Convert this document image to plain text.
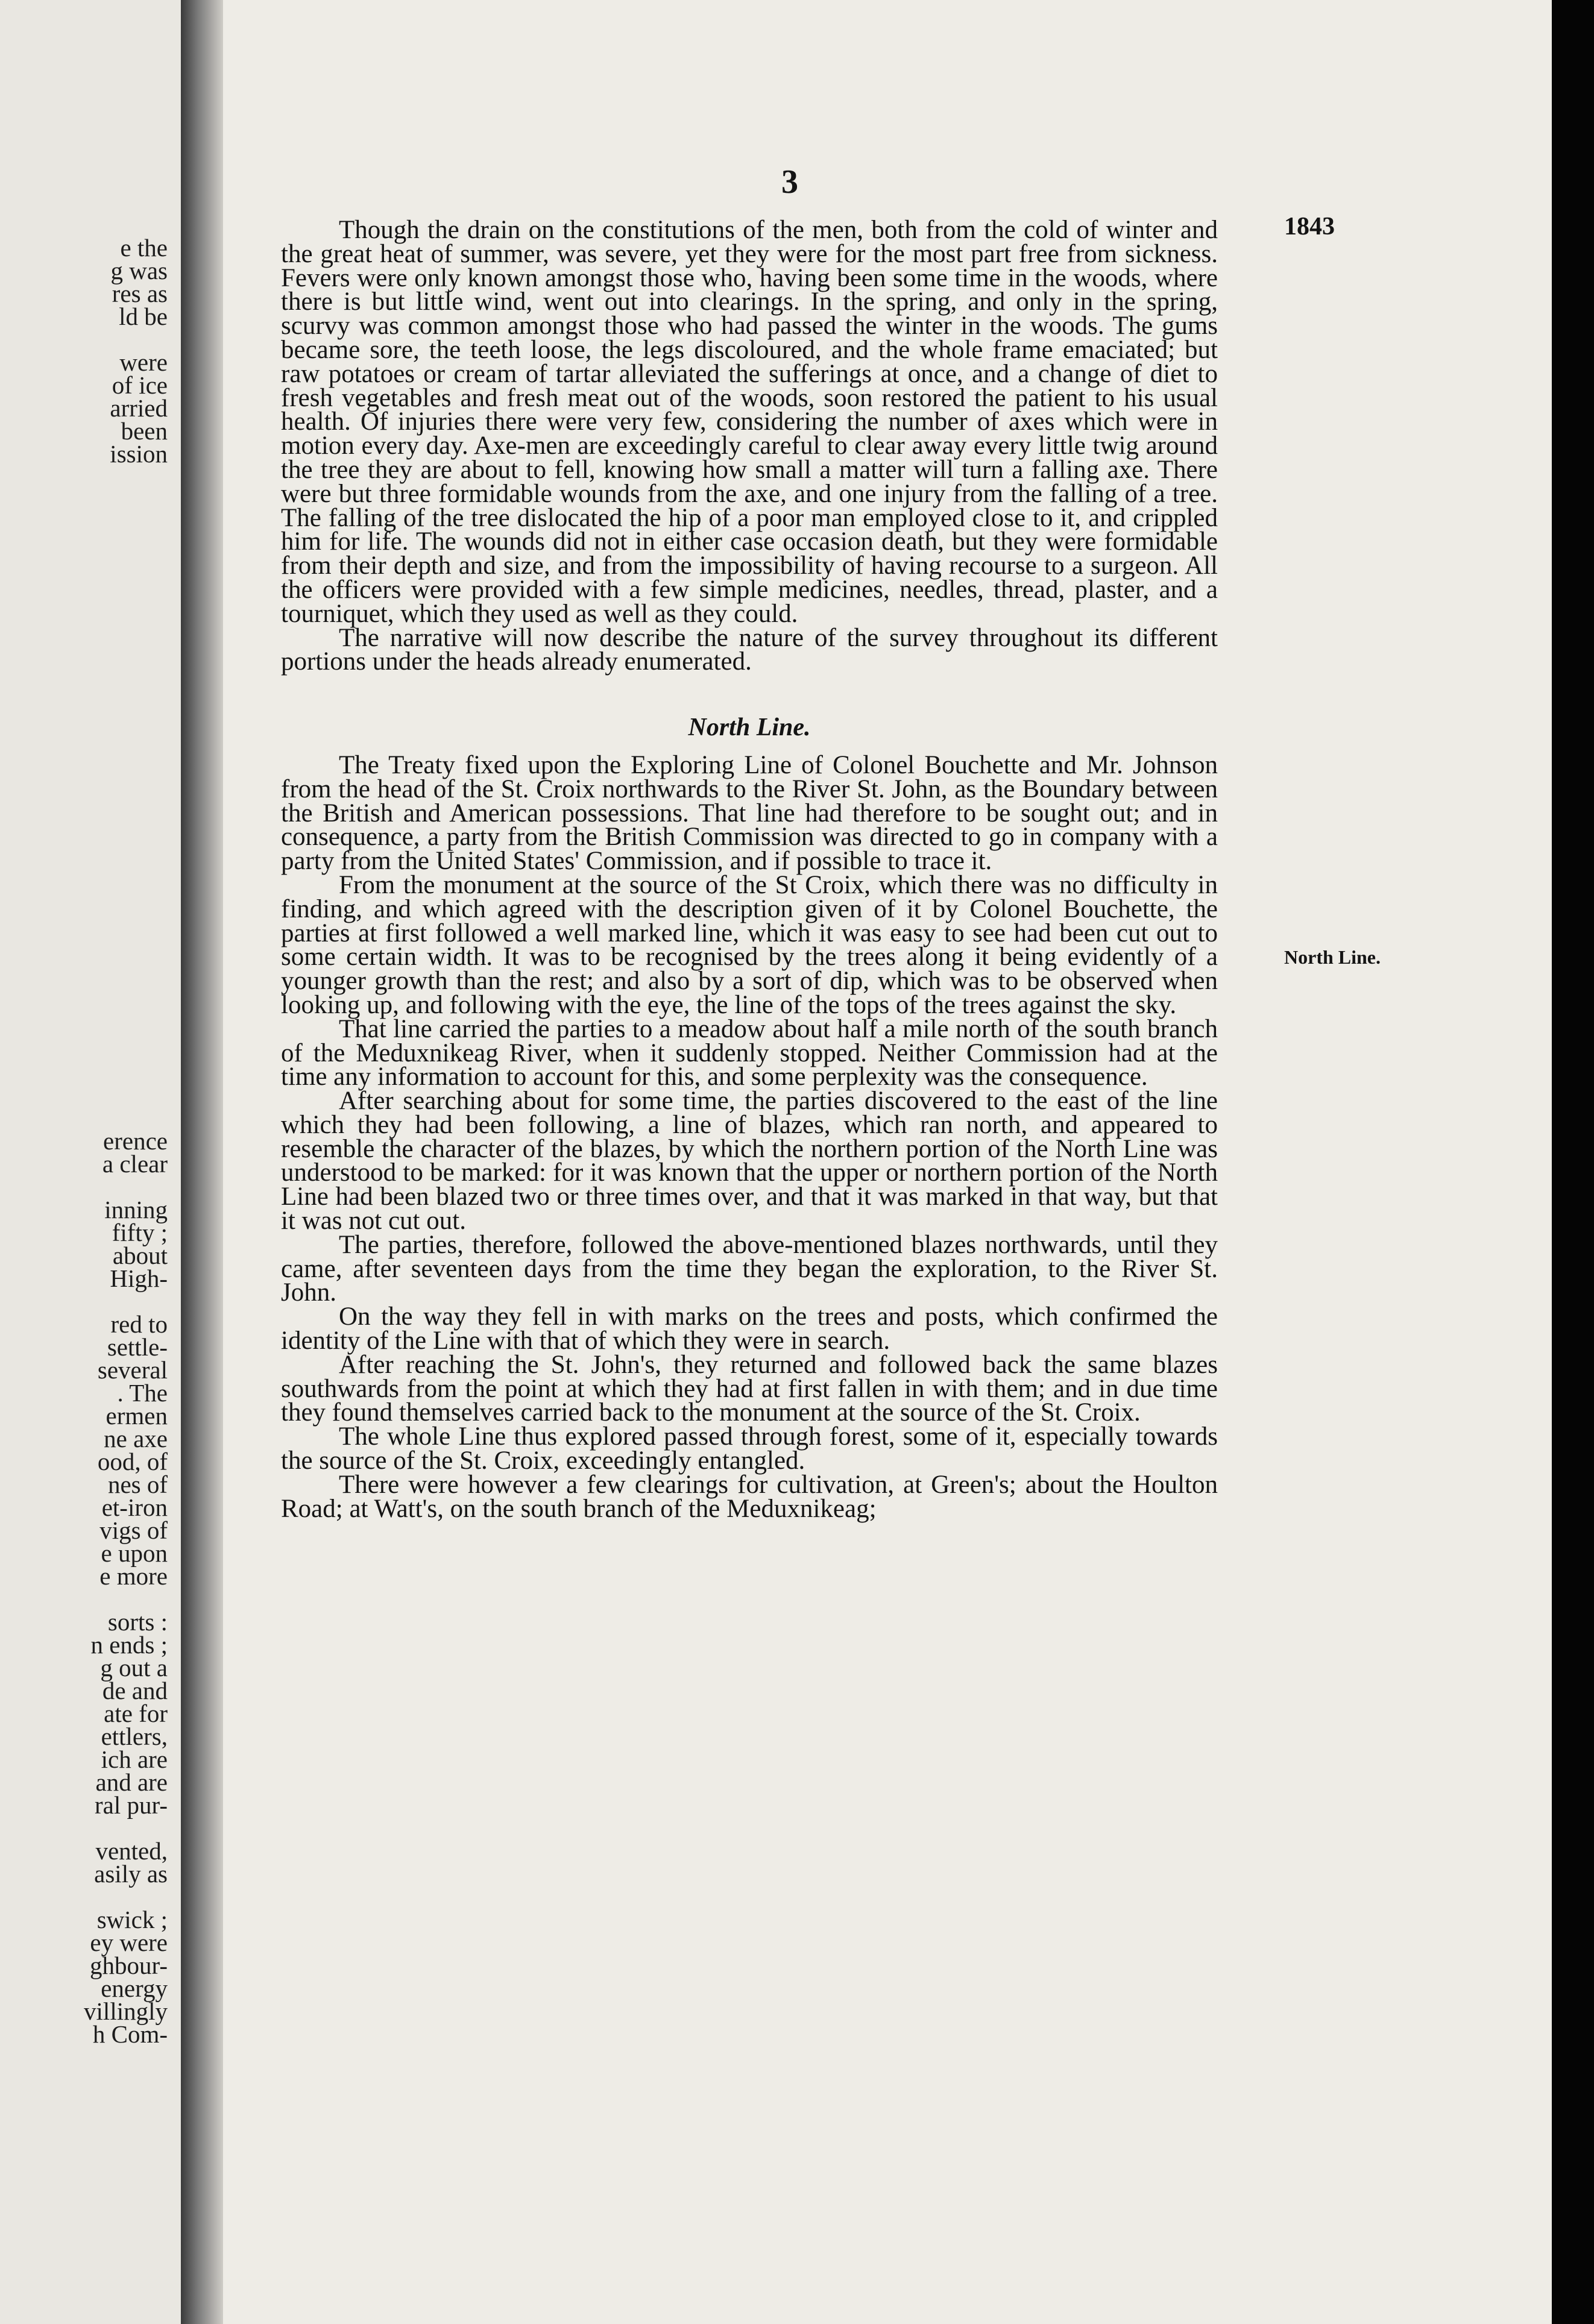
e the
g was
res as
ld be
were
of ice
arried
been
ission
erence
a clear
inning
fifty ;
about
High-
red to
settle-
several
. The
ermen
ne axe
ood, of
nes of
et-iron
vigs of
e upon
e more
sorts :
n ends ;
g out a
de and
ate for
ettlers,
ich are
and are
ral pur-
vented,
asily as
swick ;
ey were
ghbour-
energy
villingly
h Com-
3
1843
North Line.

Though the drain on the constitutions of the men, both from the cold of winter and the great heat of summer, was severe, yet they were for the most part free from sickness. Fevers were only known amongst those who, having been some time in the woods, where there is but little wind, went out into clearings. In the spring, and only in the spring, scurvy was common amongst those who had passed the winter in the woods. The gums became sore, the teeth loose, the legs discoloured, and the whole frame emaciated; but raw potatoes or cream of tartar alleviated the sufferings at once, and a change of diet to fresh vegetables and fresh meat out of the woods, soon restored the patient to his usual health. Of injuries there were very few, considering the number of axes which were in motion every day. Axe-men are exceedingly careful to clear away every little twig around the tree they are about to fell, knowing how small a matter will turn a falling axe. There were but three formidable wounds from the axe, and one injury from the falling of a tree. The falling of the tree dislocated the hip of a poor man employed close to it, and crippled him for life. The wounds did not in either case occasion death, but they were formidable from their depth and size, and from the impossibility of having recourse to a surgeon. All the officers were provided with a few simple medicines, needles, thread, plaster, and a tourniquet, which they used as well as they could.

The narrative will now describe the nature of the survey throughout its different portions under the heads already enumerated.

North Line.

The Treaty fixed upon the Exploring Line of Colonel Bouchette and Mr. Johnson from the head of the St. Croix northwards to the River St. John, as the Boundary between the British and American possessions. That line had therefore to be sought out; and in consequence, a party from the British Commission was directed to go in company with a party from the United States' Commission, and if possible to trace it.

From the monument at the source of the St Croix, which there was no difficulty in finding, and which agreed with the description given of it by Colonel Bouchette, the parties at first followed a well marked line, which it was easy to see had been cut out to some certain width. It was to be recognised by the trees along it being evidently of a younger growth than the rest; and also by a sort of dip, which was to be observed when looking up, and following with the eye, the line of the tops of the trees against the sky.

That line carried the parties to a meadow about half a mile north of the south branch of the Meduxnikeag River, when it suddenly stopped. Neither Commission had at the time any information to account for this, and some perplexity was the consequence.

After searching about for some time, the parties discovered to the east of the line which they had been following, a line of blazes, which ran north, and appeared to resemble the character of the blazes, by which the northern portion of the North Line was understood to be marked: for it was known that the upper or northern portion of the North Line had been blazed two or three times over, and that it was marked in that way, but that it was not cut out.

The parties, therefore, followed the above-mentioned blazes northwards, until they came, after seventeen days from the time they began the exploration, to the River St. John.

On the way they fell in with marks on the trees and posts, which confirmed the identity of the Line with that of which they were in search.

After reaching the St. John's, they returned and followed back the same blazes southwards from the point at which they had at first fallen in with them; and in due time they found themselves carried back to the monument at the source of the St. Croix.

The whole Line thus explored passed through forest, some of it, especially towards the source of the St. Croix, exceedingly entangled.

There were however a few clearings for cultivation, at Green's; about the Houlton Road; at Watt's, on the south branch of the Meduxnikeag;
